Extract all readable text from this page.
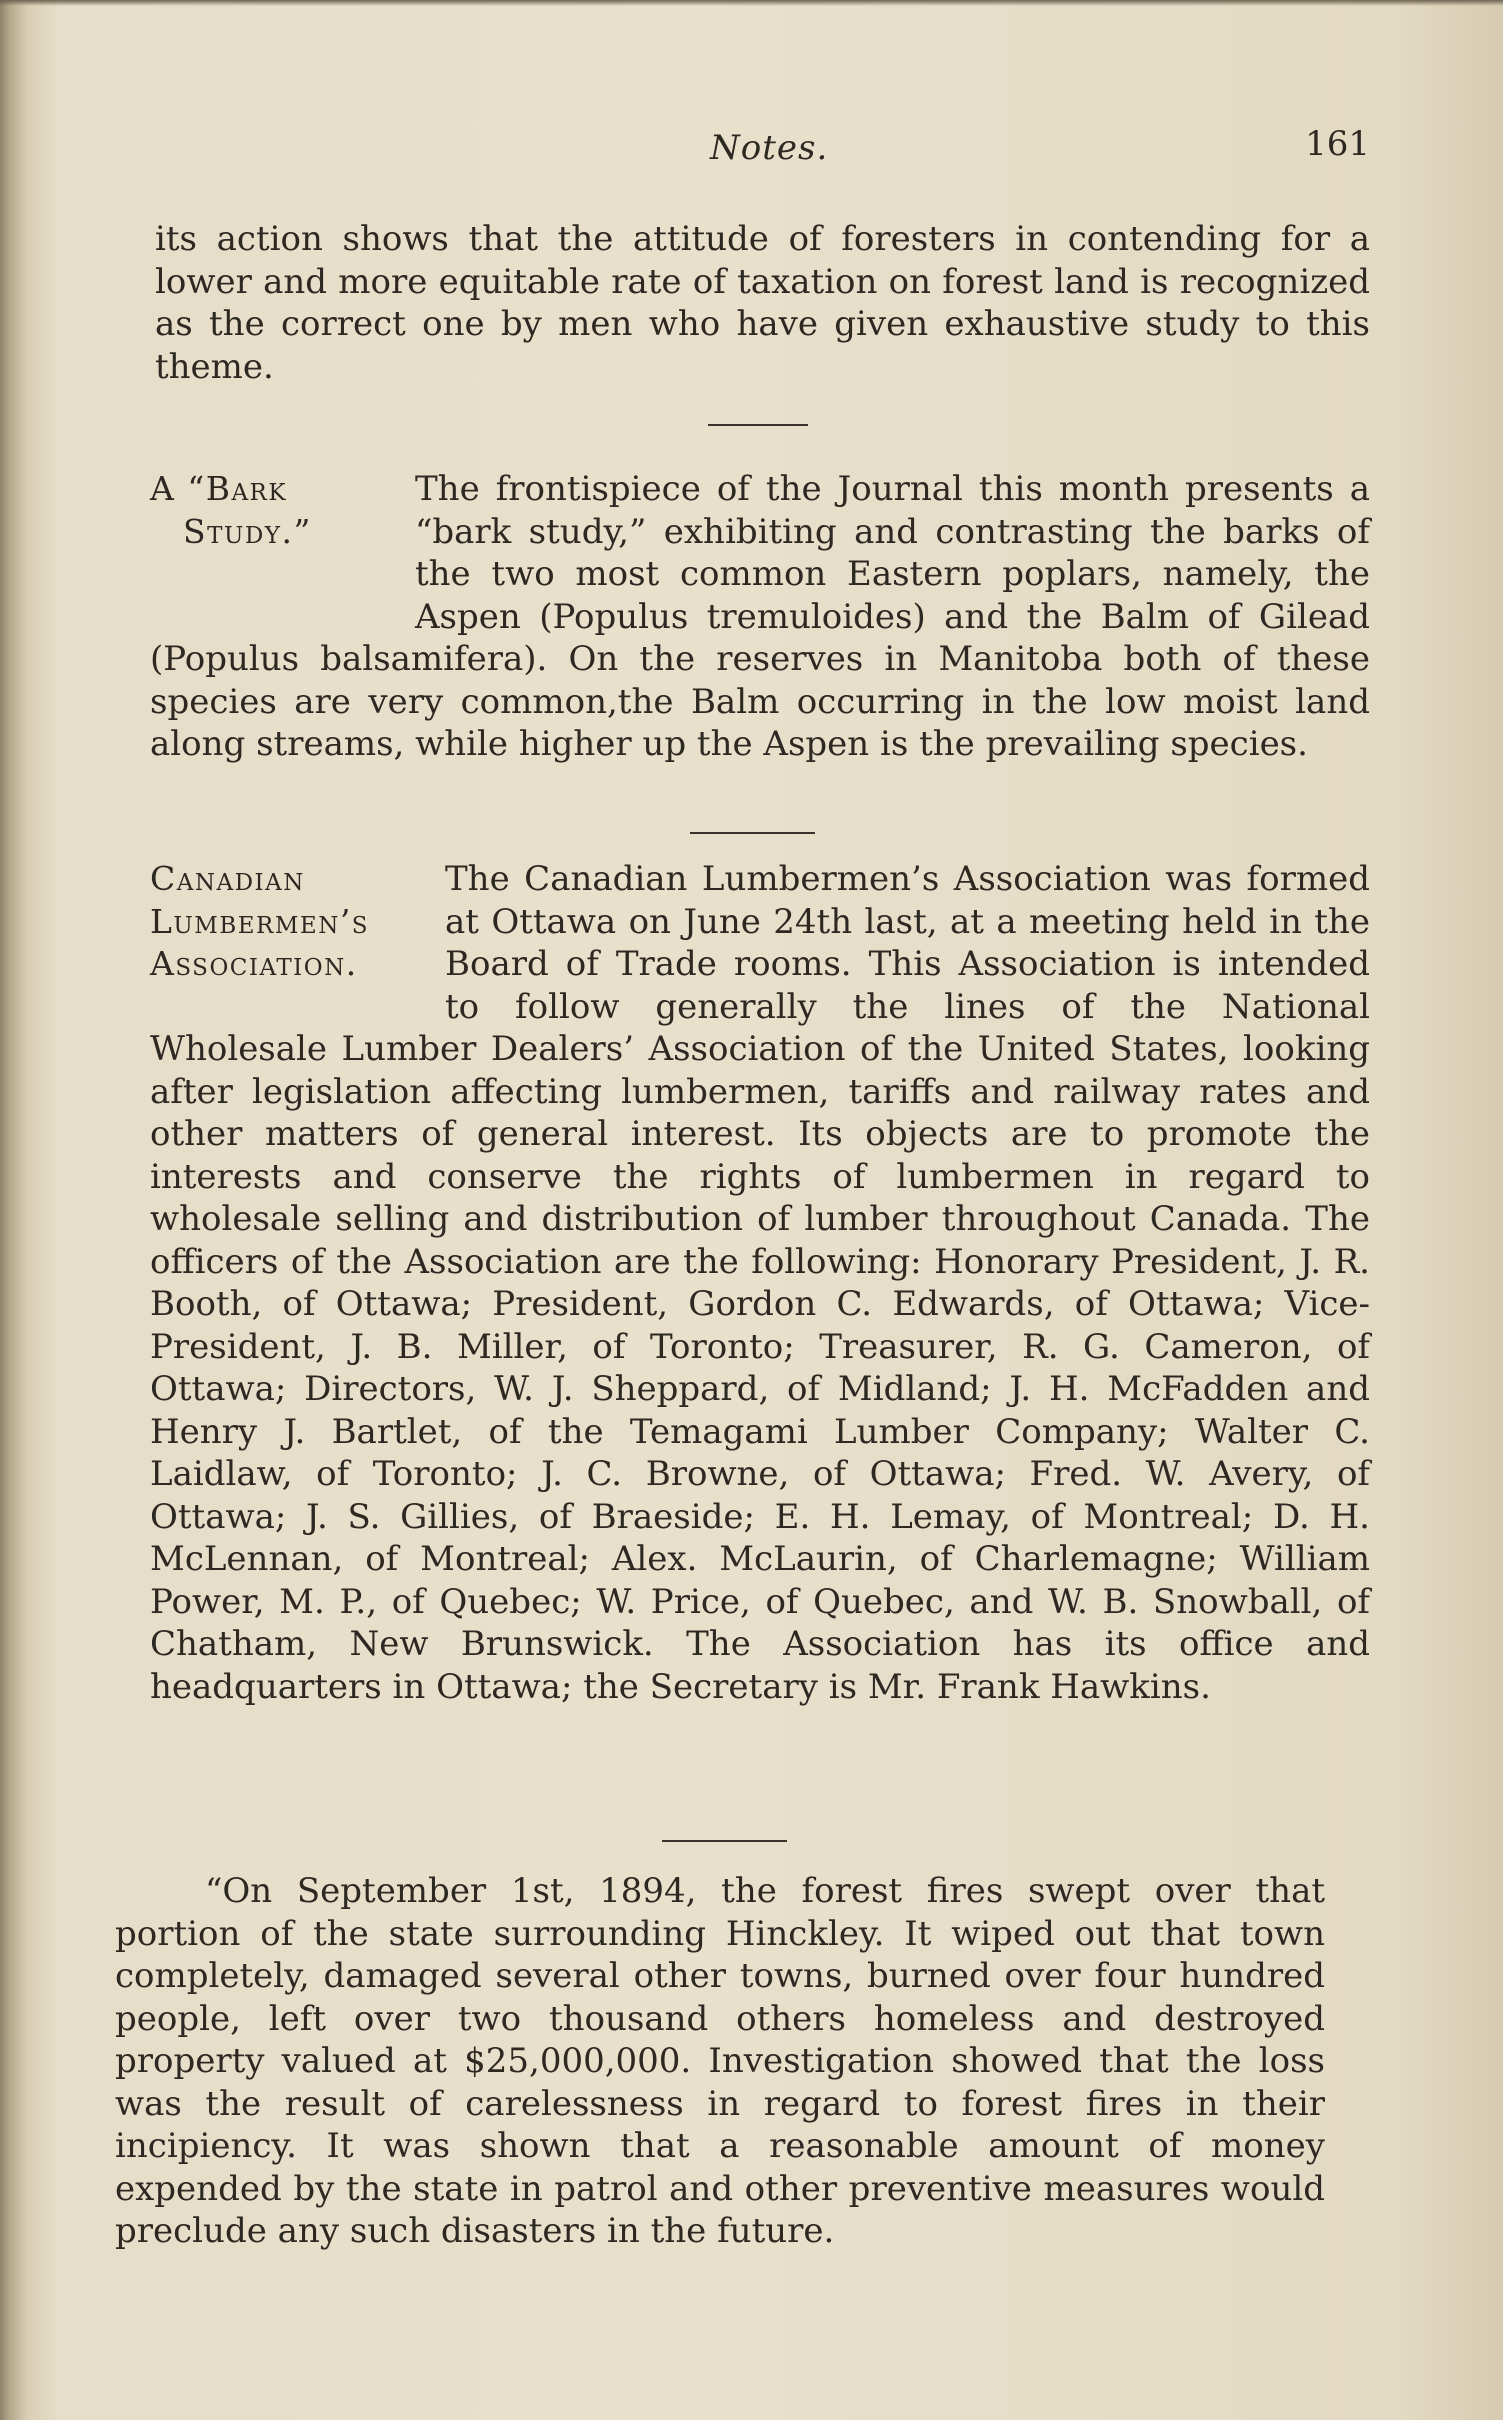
Notes.	161

its action shows that the attitude of foresters in contending for a lower and more equitable rate of taxation on forest land is recognized as the correct one by men who have given exhaustive study to this theme.

A “Bark
Study.”

The frontispiece of the Journal this month presents a “bark study,” exhibiting and contrasting the barks of the two most common Eastern poplars, namely, the Aspen (Populus tremuloides) and the Balm of Gilead (Populus balsamifera). On the reserves in Manitoba both of these species are very common,the Balm occurring in the low moist land along streams, while higher up the Aspen is the prevailing species.

Canadian
Lumbermen’s
Association.

The Canadian Lumbermen’s Association was formed at Ottawa on June 24th last, at a meeting held in the Board of Trade rooms. This Association is intended to follow generally the lines of the National Wholesale Lumber Dealers’ Association of the United States, looking after legislation affecting lumbermen, tariffs and railway rates and other matters of general interest. Its objects are to promote the interests and conserve the rights of lumbermen in regard to wholesale selling and distribution of lumber throughout Canada. The officers of the Association are the following: Honorary President, J. R. Booth, of Ottawa; President, Gordon C. Edwards, of Ottawa; Vice-President, J. B. Miller, of Toronto; Treasurer, R. G. Cameron, of Ottawa; Directors, W. J. Sheppard, of Midland; J. H. McFadden and Henry J. Bartlet, of the Temagami Lumber Company; Walter C. Laidlaw, of Toronto; J. C. Browne, of Ottawa; Fred. W. Avery, of Ottawa; J. S. Gillies, of Braeside; E. H. Lemay, of Montreal; D. H. McLennan, of Montreal; Alex. McLaurin, of Charlemagne; William Power, M. P., of Quebec; W. Price, of Quebec, and W. B. Snowball, of Chatham, New Brunswick. The Association has its office and headquarters in Ottawa; the Secretary is Mr. Frank Hawkins.

“On September 1st, 1894, the forest fires swept over that portion of the state surrounding Hinckley. It wiped out that town completely, damaged several other towns, burned over four hundred people, left over two thousand others homeless and destroyed property valued at $25,000,000. Investigation showed that the loss was the result of carelessness in regard to forest fires in their incipiency. It was shown that a reasonable amount of money expended by the state in patrol and other preventive measures would preclude any such disasters in the future.
